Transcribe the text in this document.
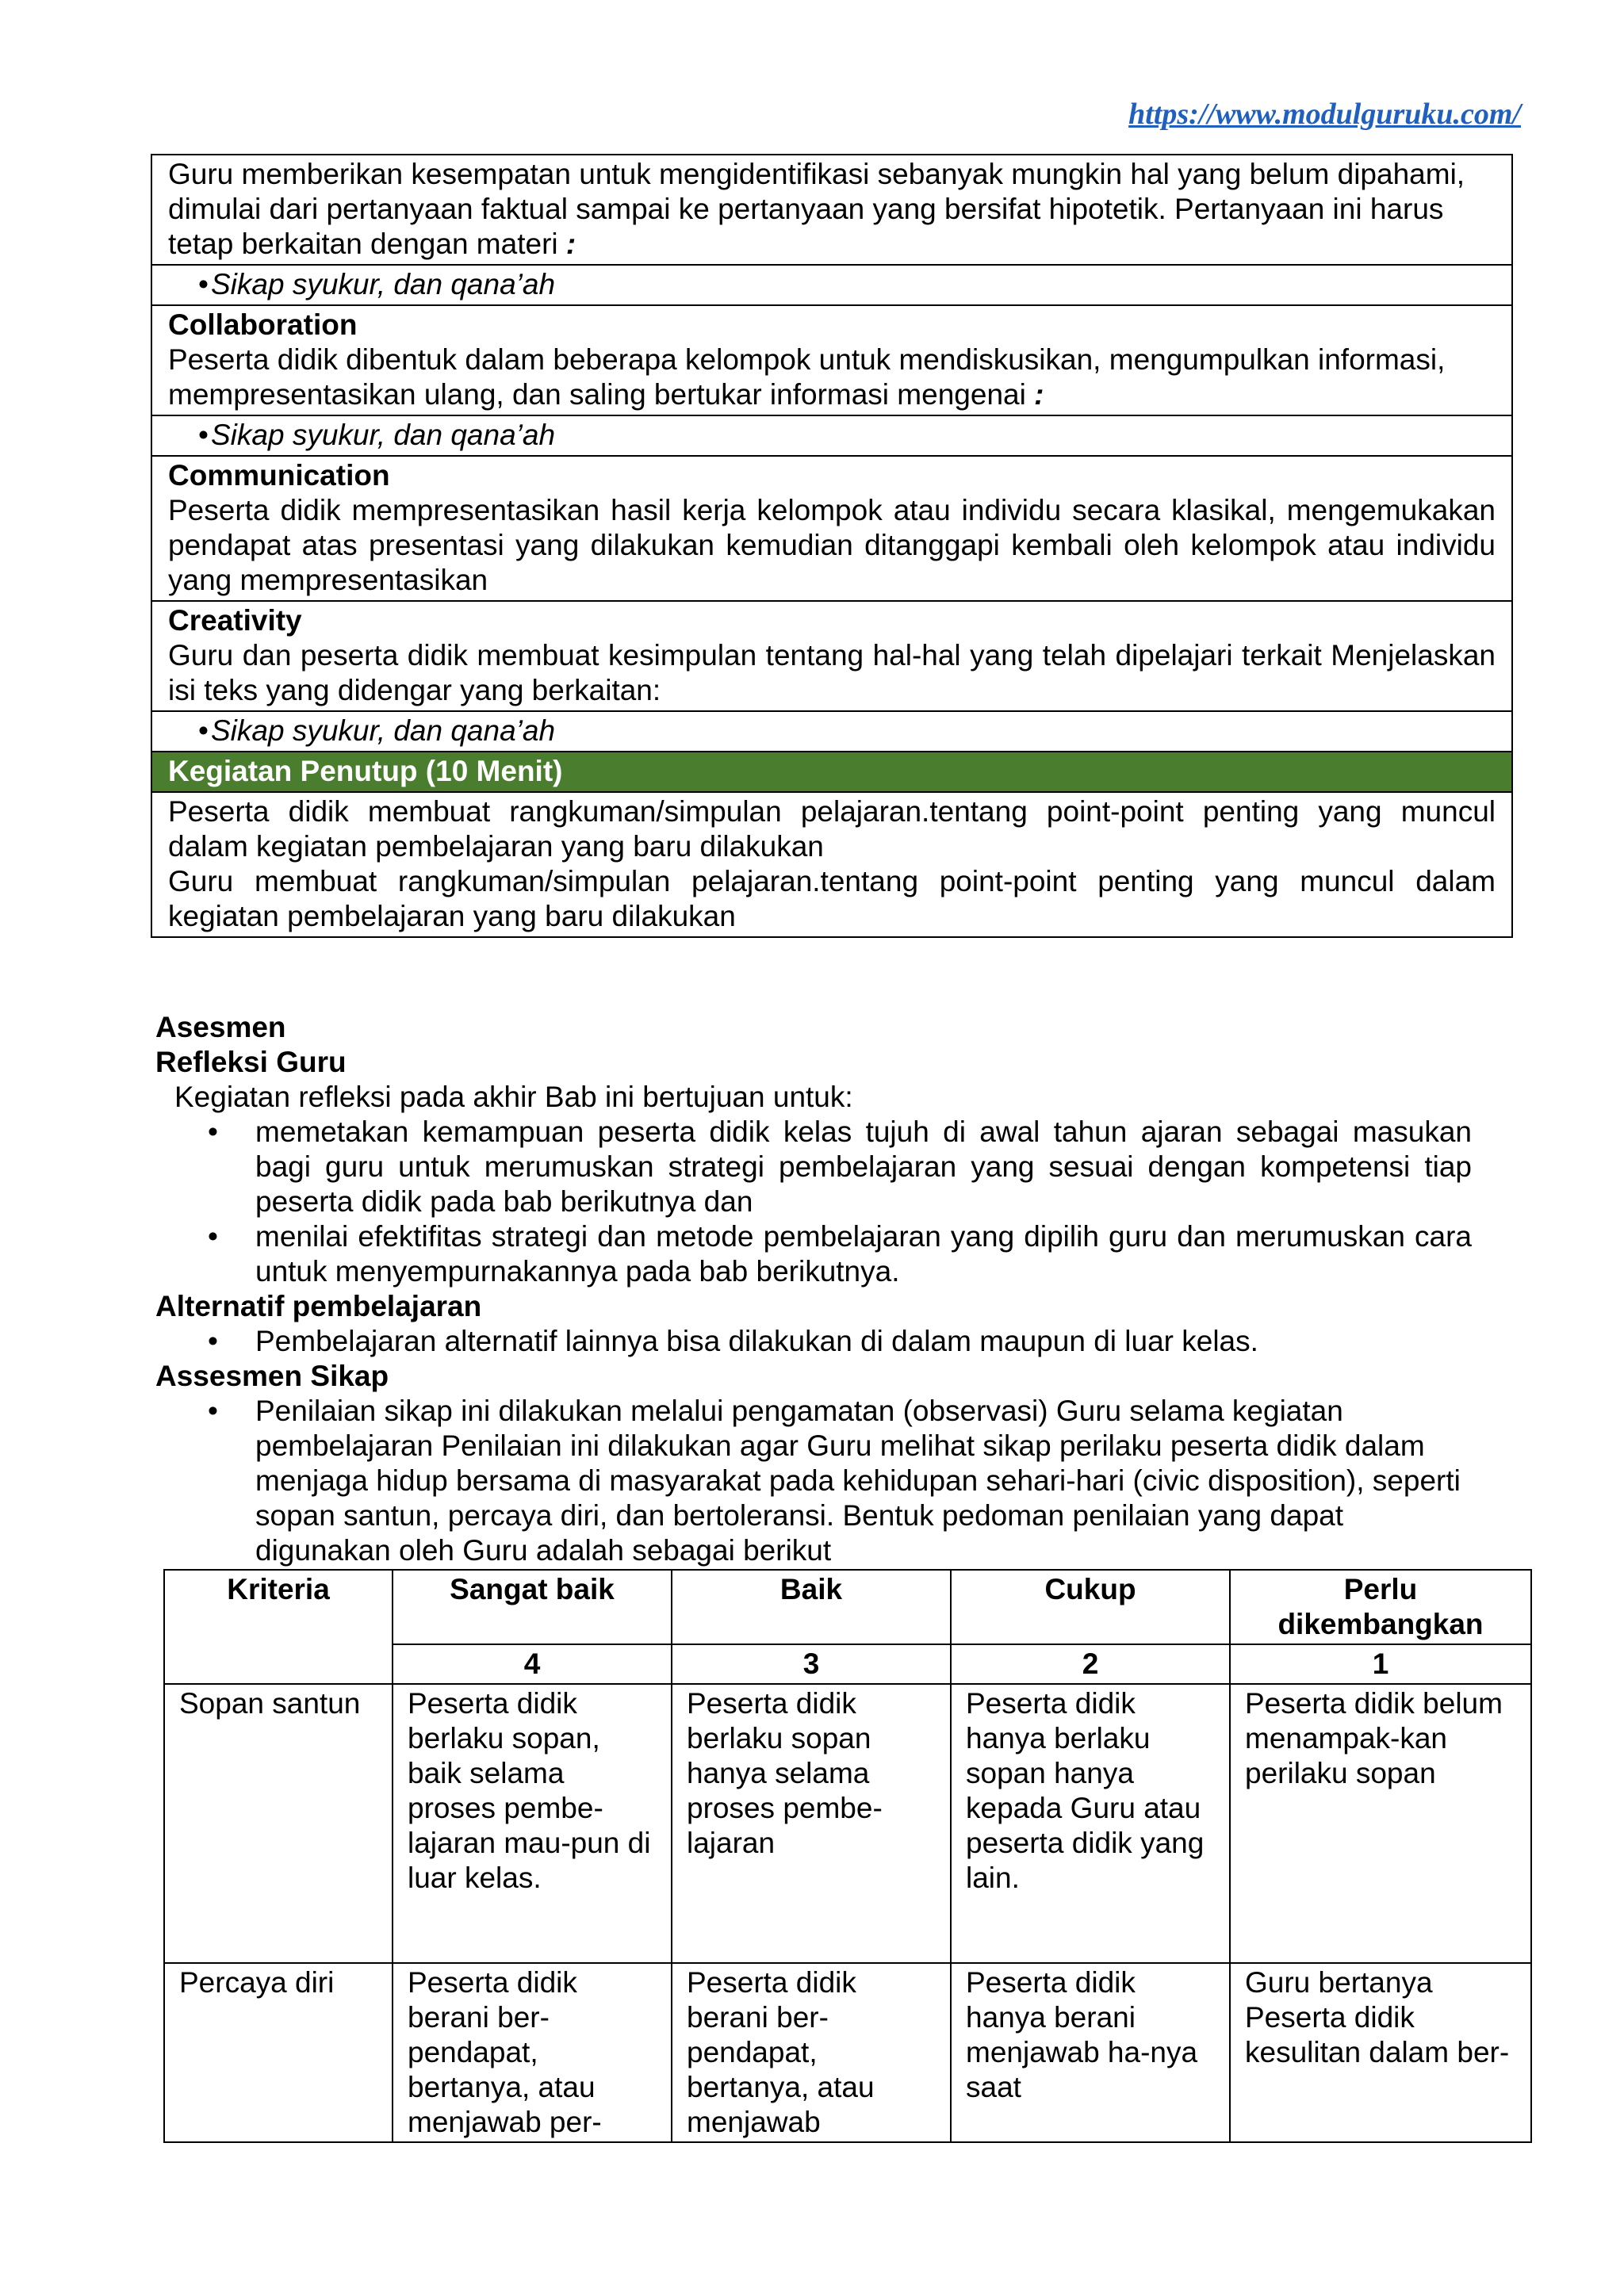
https://www.modulguruku.com/
Guru memberikan kesempatan untuk mengidentifikasi sebanyak mungkin hal yang belum dipahami, dimulai dari pertanyaan faktual sampai ke pertanyaan yang bersifat hipotetik. Pertanyaan ini harus tetap berkaitan dengan materi :
• Sikap syukur, dan qana’ah

Collaboration
Peserta didik dibentuk dalam beberapa kelompok untuk mendiskusikan, mengumpulkan informasi, mempresentasikan ulang, dan saling bertukar informasi mengenai :
• Sikap syukur, dan qana’ah

Communication
Peserta didik mempresentasikan hasil kerja kelompok atau individu secara klasikal, mengemukakan pendapat atas presentasi yang dilakukan kemudian ditanggapi kembali oleh kelompok atau individu yang mempresentasikan

Creativity
Guru dan peserta didik membuat kesimpulan tentang hal-hal yang telah dipelajari terkait Menjelaskan isi teks yang didengar yang berkaitan:

• Sikap syukur, dan qana’ah
Kegiatan Penutup (10 Menit)

Peserta didik membuat rangkuman/simpulan pelajaran.tentang point-point penting yang muncul dalam kegiatan pembelajaran yang baru dilakukan
Guru membuat rangkuman/simpulan pelajaran.tentang point-point penting yang muncul dalam kegiatan pembelajaran yang baru dilakukan
Asesmen
Refleksi Guru
Kegiatan refleksi pada akhir Bab ini bertujuan untuk:
• memetakan kemampuan peserta didik kelas tujuh di awal tahun ajaran sebagai masukan bagi guru untuk merumuskan strategi pembelajaran yang sesuai dengan kompetensi tiap peserta didik pada bab berikutnya dan
• menilai efektifitas strategi dan metode pembelajaran yang dipilih guru dan merumuskan cara untuk menyempurnakannya pada bab berikutnya.
Alternatif pembelajaran
• Pembelajaran alternatif lainnya bisa dilakukan di dalam maupun di luar kelas.
Assesmen Sikap
• Penilaian sikap ini dilakukan melalui pengamatan (observasi) Guru selama kegiatan pembelajaran Penilaian ini dilakukan agar Guru melihat sikap perilaku peserta didik dalam menjaga hidup bersama di masyarakat pada kehidupan sehari-hari (civic disposition), seperti sopan santun, percaya diri, dan bertoleransi. Bentuk pedoman penilaian yang dapat digunakan oleh Guru adalah sebagai berikut
Kriteria	Sangat baik	Baik	Cukup	Perlu dikembangkan
	4	3	2	1
Sopan santun	Peserta didik berlaku sopan, baik selama proses pembe-lajaran mau-pun di luar kelas.	Peserta didik berlaku sopan hanya selama proses pembe-lajaran	Peserta didik hanya berlaku sopan hanya kepada Guru atau peserta didik yang lain.	Peserta didik belum menampak-kan perilaku sopan
Percaya diri	Peserta didik berani ber-pendapat, bertanya, atau menjawab per-	Peserta didik berani ber-pendapat, bertanya, atau menjawab	Peserta didik hanya berani menjawab ha-nya saat	Guru bertanya Peserta didik kesulitan dalam ber-
